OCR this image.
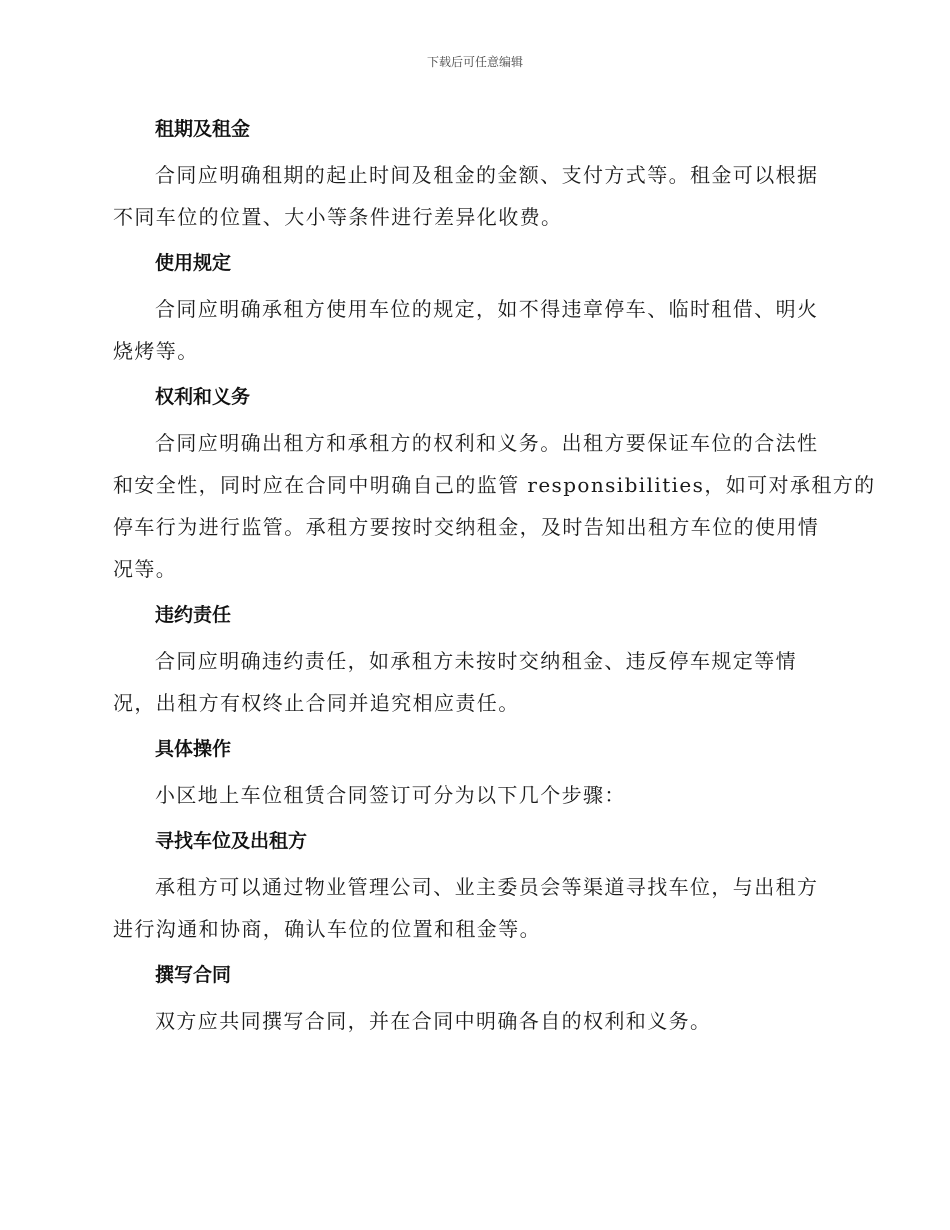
下载后可任意编辑
租期及租金
合同应明确租期的起止时间及租金的金额、支付方式等。租金可以根据
不同车位的位置、大小等条件进行差异化收费。
使用规定
合同应明确承租方使用车位的规定，如不得违章停车、临时租借、明火
烧烤等。
权利和义务
合同应明确出租方和承租方的权利和义务。出租方要保证车位的合法性
和安全性，同时应在合同中明确自己的监管 responsibilities，如可对承租方的
停车行为进行监管。承租方要按时交纳租金，及时告知出租方车位的使用情
况等。
违约责任
合同应明确违约责任，如承租方未按时交纳租金、违反停车规定等情
况，出租方有权终止合同并追究相应责任。
具体操作
小区地上车位租赁合同签订可分为以下几个步骤：
寻找车位及出租方
承租方可以通过物业管理公司、业主委员会等渠道寻找车位，与出租方
进行沟通和协商，确认车位的位置和租金等。
撰写合同
双方应共同撰写合同，并在合同中明确各自的权利和义务。
